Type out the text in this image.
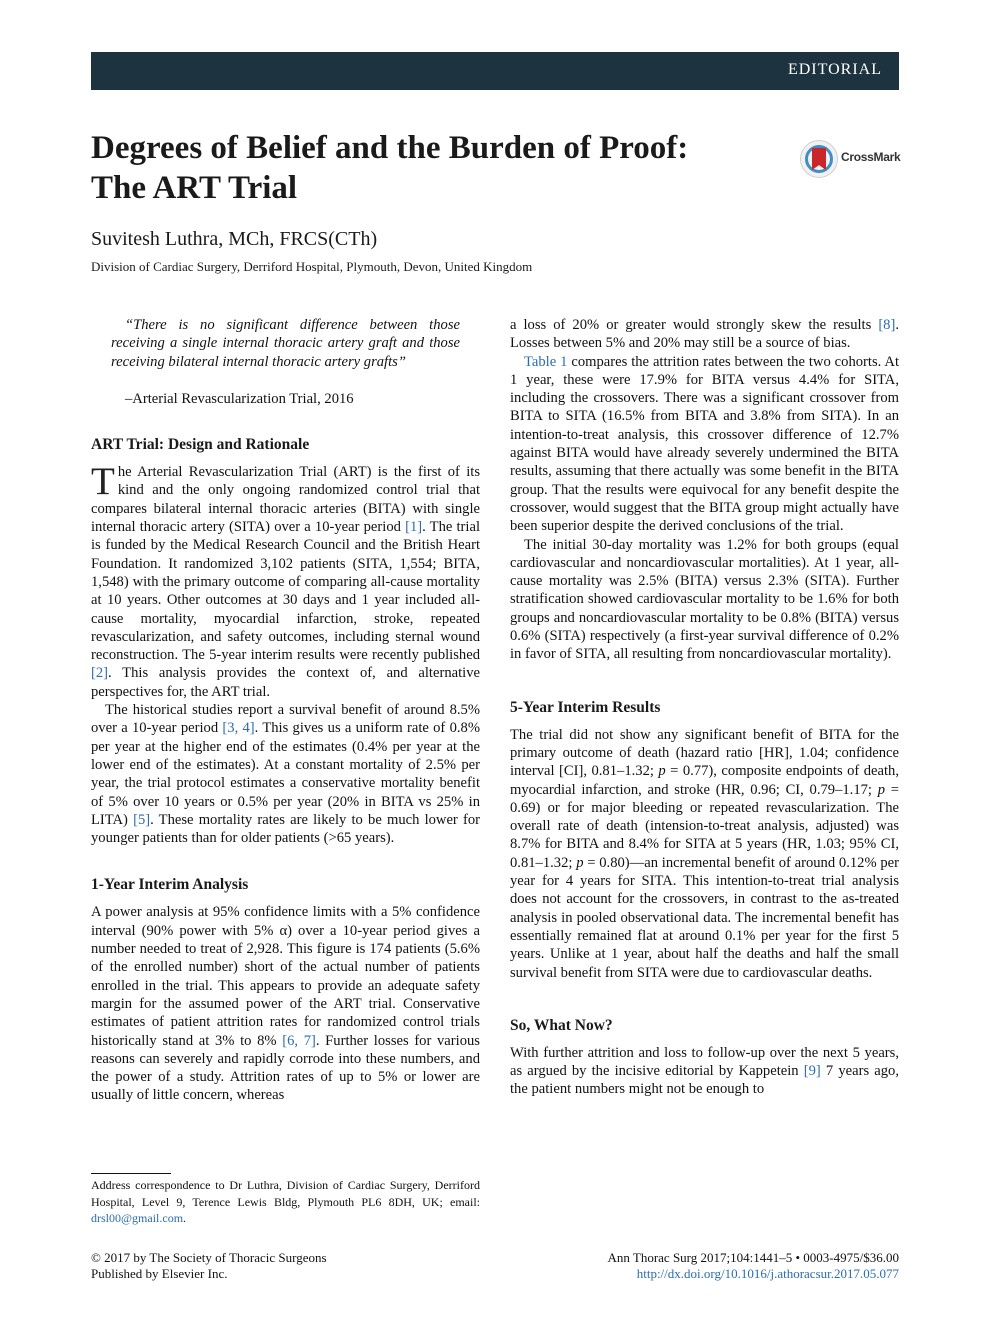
EDITORIAL
Degrees of Belief and the Burden of Proof:
The ART Trial
CrossMark
Suvitesh Luthra, MCh, FRCS(CTh)
Division of Cardiac Surgery, Derriford Hospital, Plymouth, Devon, United Kingdom

“There is no significant difference between those receiving a single internal thoracic artery graft and those receiving bilateral internal thoracic artery grafts”

–Arterial Revascularization Trial, 2016

ART Trial: Design and Rationale

The Arterial Revascularization Trial (ART) is the first of its kind and the only ongoing randomized control trial that compares bilateral internal thoracic arteries (BITA) with single internal thoracic artery (SITA) over a 10-year period [1]. The trial is funded by the Medical Research Council and the British Heart Foundation. It randomized 3,102 patients (SITA, 1,554; BITA, 1,548) with the primary outcome of comparing all-cause mortality at 10 years. Other outcomes at 30 days and 1 year included all-cause mortality, myocardial infarction, stroke, repeated revascularization, and safety outcomes, including sternal wound reconstruction. The 5-year interim results were recently published [2]. This analysis provides the context of, and alternative perspectives for, the ART trial.

The historical studies report a survival benefit of around 8.5% over a 10-year period [3, 4]. This gives us a uniform rate of 0.8% per year at the higher end of the estimates (0.4% per year at the lower end of the estimates). At a constant mortality of 2.5% per year, the trial protocol estimates a conservative mortality benefit of 5% over 10 years or 0.5% per year (20% in BITA vs 25% in LITA) [5]. These mortality rates are likely to be much lower for younger patients than for older patients (>65 years).

1-Year Interim Analysis

A power analysis at 95% confidence limits with a 5% confidence interval (90% power with 5% α) over a 10-year period gives a number needed to treat of 2,928. This figure is 174 patients (5.6% of the enrolled number) short of the actual number of patients enrolled in the trial. This appears to provide an adequate safety margin for the assumed power of the ART trial. Conservative estimates of patient attrition rates for randomized control trials historically stand at 3% to 8% [6, 7]. Further losses for various reasons can severely and rapidly corrode into these numbers, and the power of a study. Attrition rates of up to 5% or lower are usually of little concern, whereas

Address correspondence to Dr Luthra, Division of Cardiac Surgery, Derriford Hospital, Level 9, Terence Lewis Bldg, Plymouth PL6 8DH, UK; email: drsl00@gmail.com.

a loss of 20% or greater would strongly skew the results [8]. Losses between 5% and 20% may still be a source of bias.

Table 1 compares the attrition rates between the two cohorts. At 1 year, these were 17.9% for BITA versus 4.4% for SITA, including the crossovers. There was a significant crossover from BITA to SITA (16.5% from BITA and 3.8% from SITA). In an intention-to-treat analysis, this crossover difference of 12.7% against BITA would have already severely undermined the BITA results, assuming that there actually was some benefit in the BITA group. That the results were equivocal for any benefit despite the crossover, would suggest that the BITA group might actually have been superior despite the derived conclusions of the trial.

The initial 30-day mortality was 1.2% for both groups (equal cardiovascular and noncardiovascular mortalities). At 1 year, all-cause mortality was 2.5% (BITA) versus 2.3% (SITA). Further stratification showed cardiovascular mortality to be 1.6% for both groups and noncardiovascular mortality to be 0.8% (BITA) versus 0.6% (SITA) respectively (a first-year survival difference of 0.2% in favor of SITA, all resulting from noncardiovascular mortality).

5-Year Interim Results

The trial did not show any significant benefit of BITA for the primary outcome of death (hazard ratio [HR], 1.04; confidence interval [CI], 0.81–1.32; p = 0.77), composite endpoints of death, myocardial infarction, and stroke (HR, 0.96; CI, 0.79–1.17; p = 0.69) or for major bleeding or repeated revascularization. The overall rate of death (intension-to-treat analysis, adjusted) was 8.7% for BITA and 8.4% for SITA at 5 years (HR, 1.03; 95% CI, 0.81–1.32; p = 0.80)—an incremental benefit of around 0.12% per year for 4 years for SITA. This intention-to-treat trial analysis does not account for the crossovers, in contrast to the as-treated analysis in pooled observational data. The incremental benefit has essentially remained flat at around 0.1% per year for the first 5 years. Unlike at 1 year, about half the deaths and half the small survival benefit from SITA were due to cardiovascular deaths.

So, What Now?

With further attrition and loss to follow-up over the next 5 years, as argued by the incisive editorial by Kappetein [9] 7 years ago, the patient numbers might not be enough to

© 2017 by The Society of Thoracic Surgeons
Published by Elsevier Inc.
Ann Thorac Surg 2017;104:1441–5 • 0003-4975/$36.00
http://dx.doi.org/10.1016/j.athoracsur.2017.05.077
